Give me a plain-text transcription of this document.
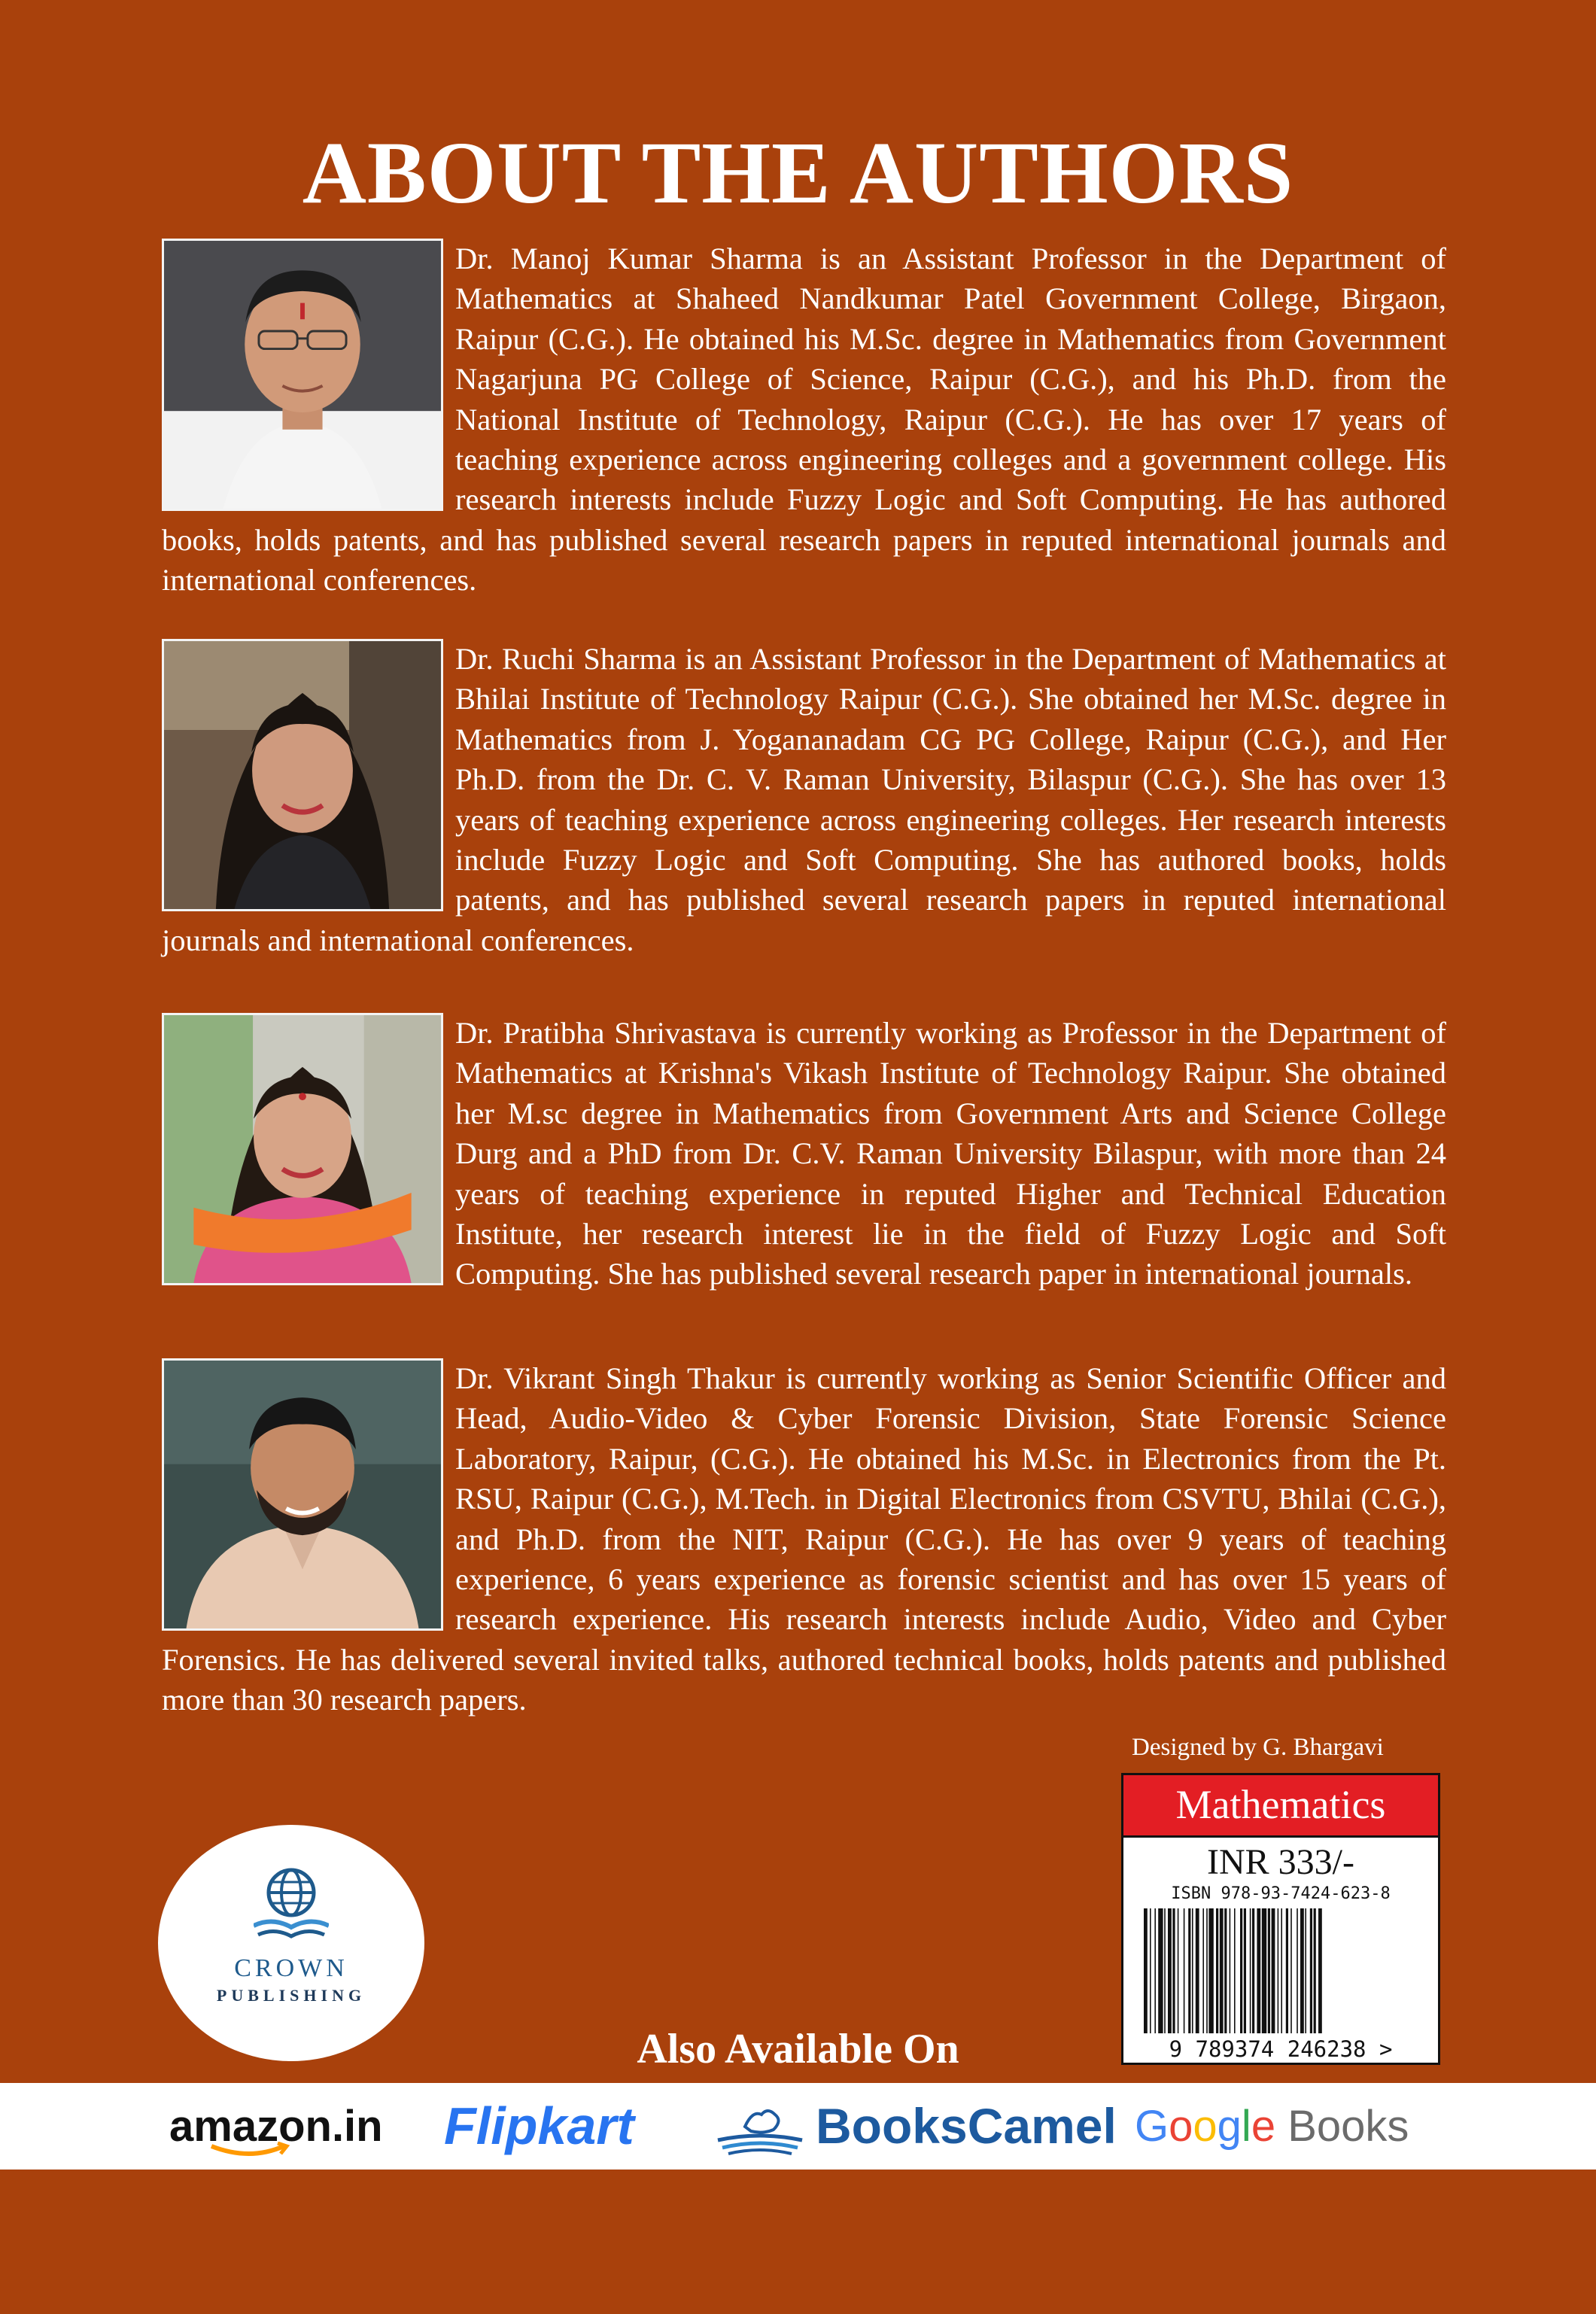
ABOUT THE AUTHORS

Dr. Manoj Kumar Sharma is an Assistant Professor in the Department of Mathematics at Shaheed Nandkumar Patel Government College, Birgaon, Raipur (C.G.). He obtained his M.Sc. degree in Mathematics from Government Nagarjuna PG College of Science, Raipur (C.G.), and his Ph.D. from the National Institute of Technology, Raipur (C.G.). He has over 17 years of teaching experience across engineering colleges and a government college. His research interests include Fuzzy Logic and Soft Computing. He has authored books, holds patents, and has published several research papers in reputed international journals and international conferences.

Dr. Ruchi Sharma is an Assistant Professor in the Department of Mathematics at Bhilai Institute of Technology Raipur (C.G.). She obtained her M.Sc. degree in Mathematics from J. Yogananadam CG PG College, Raipur (C.G.), and Her Ph.D. from the Dr. C. V. Raman University, Bilaspur (C.G.). She has over 13 years of teaching experience across engineering colleges. Her research interests include Fuzzy Logic and Soft Computing. She has authored books, holds patents, and has published several research papers in reputed international journals and international conferences.

Dr. Pratibha Shrivastava is currently working as Professor in the Department of Mathematics at Krishna's Vikash Institute of Technology Raipur. She obtained her M.sc degree in Mathematics from Government Arts and Science College Durg and a PhD from Dr. C.V. Raman University Bilaspur, with more than 24 years of teaching experience in reputed Higher and Technical Education Institute, her research interest lie in the field of Fuzzy Logic and Soft Computing. She has published several research paper in international journals.

Dr. Vikrant Singh Thakur is currently working as Senior Scientific Officer and Head, Audio-Video & Cyber Forensic Division, State Forensic Science Laboratory, Raipur, (C.G.). He obtained his M.Sc. in Electronics from the Pt. RSU, Raipur (C.G.), M.Tech. in Digital Electronics from CSVTU, Bhilai (C.G.), and Ph.D. from the NIT, Raipur (C.G.). He has over 9 years of teaching experience, 6 years experience as forensic scientist and has over 15 years of research experience. His research interests include Audio, Video and Cyber Forensics. He has delivered several invited talks, authored technical books, holds patents and published more than 30 research papers.

Designed by G. Bhargavi
Mathematics
INR 333/-
ISBN 978-93-7424-623-8
9 789374 246238 >
CROWN
PUBLISHING
Also Available On
amazon.in Flipkart	BooksCamel Google Books
